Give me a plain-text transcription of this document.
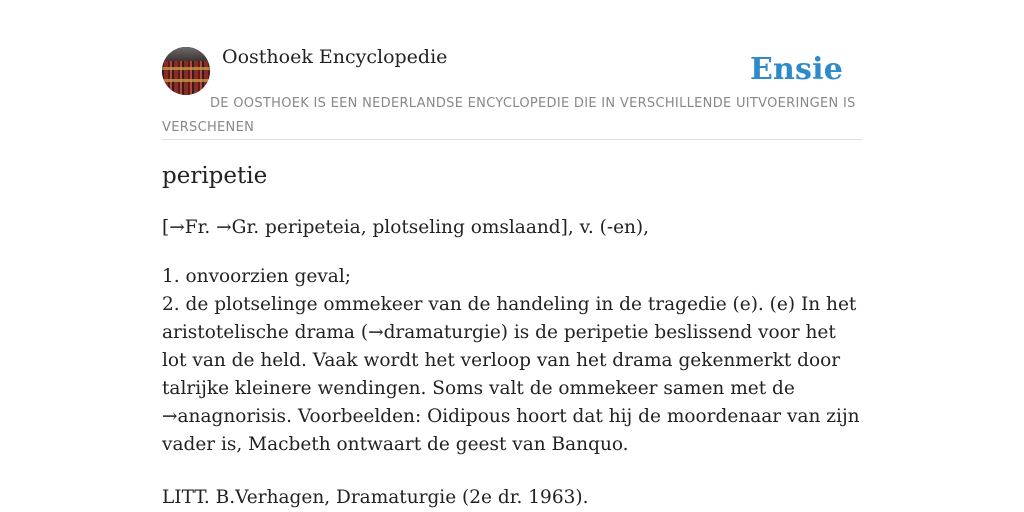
Oosthoek Encyclopedie	Ensie
DE OOSTHOEK IS EEN NEDERLANDSE ENCYCLOPEDIE DIE IN VERSCHILLENDE UITVOERINGEN IS VERSCHENEN
peripetie
[→Fr. →Gr. peripeteia, plotseling omslaand], v. (-en),

1. onvoorzien geval;

2. de plotselinge ommekeer van de handeling in de tragedie (e). (e) In het aristotelische drama (→dramaturgie) is de peripetie beslissend voor het lot van de held. Vaak wordt het verloop van het drama gekenmerkt door talrijke kleinere wendingen. Soms valt de ommekeer samen met de →anagnorisis. Voorbeelden: Oidipous hoort dat hij de moordenaar van zijn vader is, Macbeth ontwaart de geest van Banquo.

LITT. B.Verhagen, Dramaturgie (2e dr. 1963).
